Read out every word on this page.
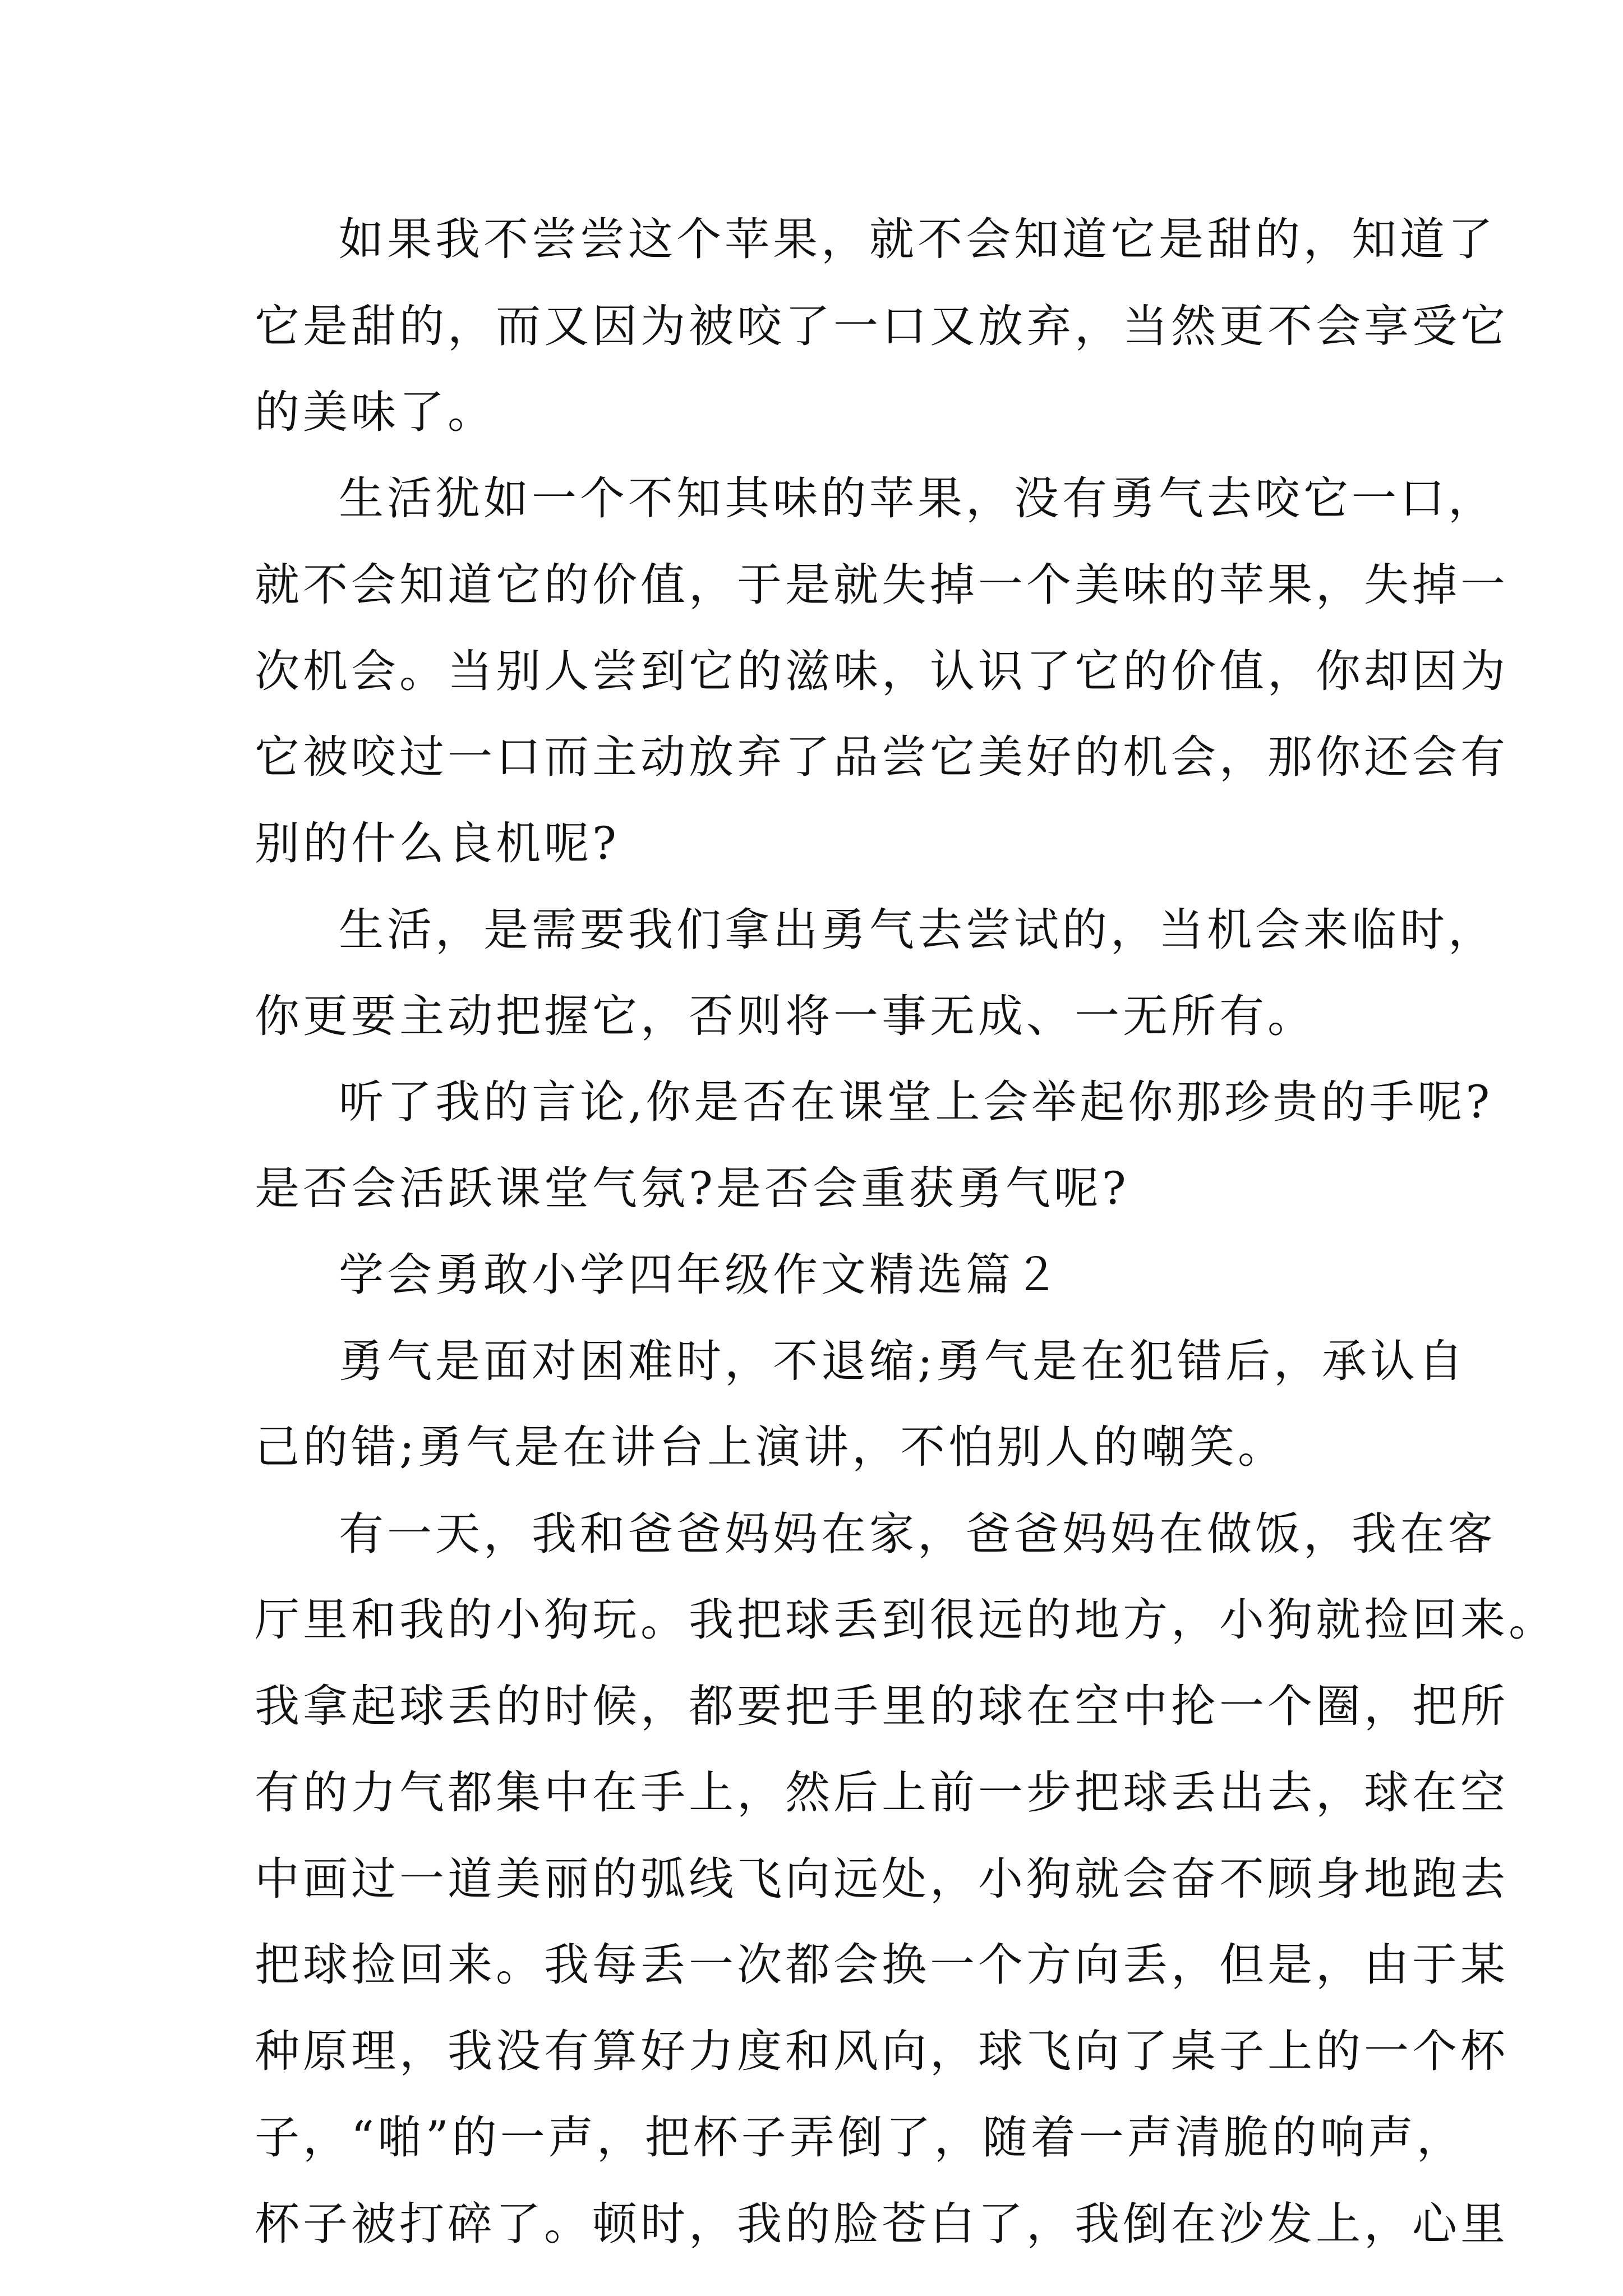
如果我不尝尝这个苹果，就不会知道它是甜的，知道了
它是甜的，而又因为被咬了一口又放弃，当然更不会享受它
的美味了。
生活犹如一个不知其味的苹果，没有勇气去咬它一口，
就不会知道它的价值，于是就失掉一个美味的苹果，失掉一
次机会。当别人尝到它的滋味，认识了它的价值，你却因为
它被咬过一口而主动放弃了品尝它美好的机会，那你还会有
别的什么良机呢?
生活，是需要我们拿出勇气去尝试的，当机会来临时，
你更要主动把握它，否则将一事无成、一无所有。
听了我的言论,你是否在课堂上会举起你那珍贵的手呢?
是否会活跃课堂气氛?是否会重获勇气呢?
学会勇敢小学四年级作文精选篇２
勇气是面对困难时，不退缩;勇气是在犯错后，承认自
己的错;勇气是在讲台上演讲，不怕别人的嘲笑。
有一天，我和爸爸妈妈在家，爸爸妈妈在做饭，我在客
厅里和我的小狗玩。我把球丢到很远的地方，小狗就捡回来。
我拿起球丢的时候，都要把手里的球在空中抡一个圈，把所
有的力气都集中在手上，然后上前一步把球丢出去，球在空
中画过一道美丽的弧线飞向远处，小狗就会奋不顾身地跑去
把球捡回来。我每丢一次都会换一个方向丢，但是，由于某
种原理，我没有算好力度和风向，球飞向了桌子上的一个杯
子，“啪”的一声，把杯子弄倒了，随着一声清脆的响声，
杯子被打碎了。顿时，我的脸苍白了，我倒在沙发上，心里
